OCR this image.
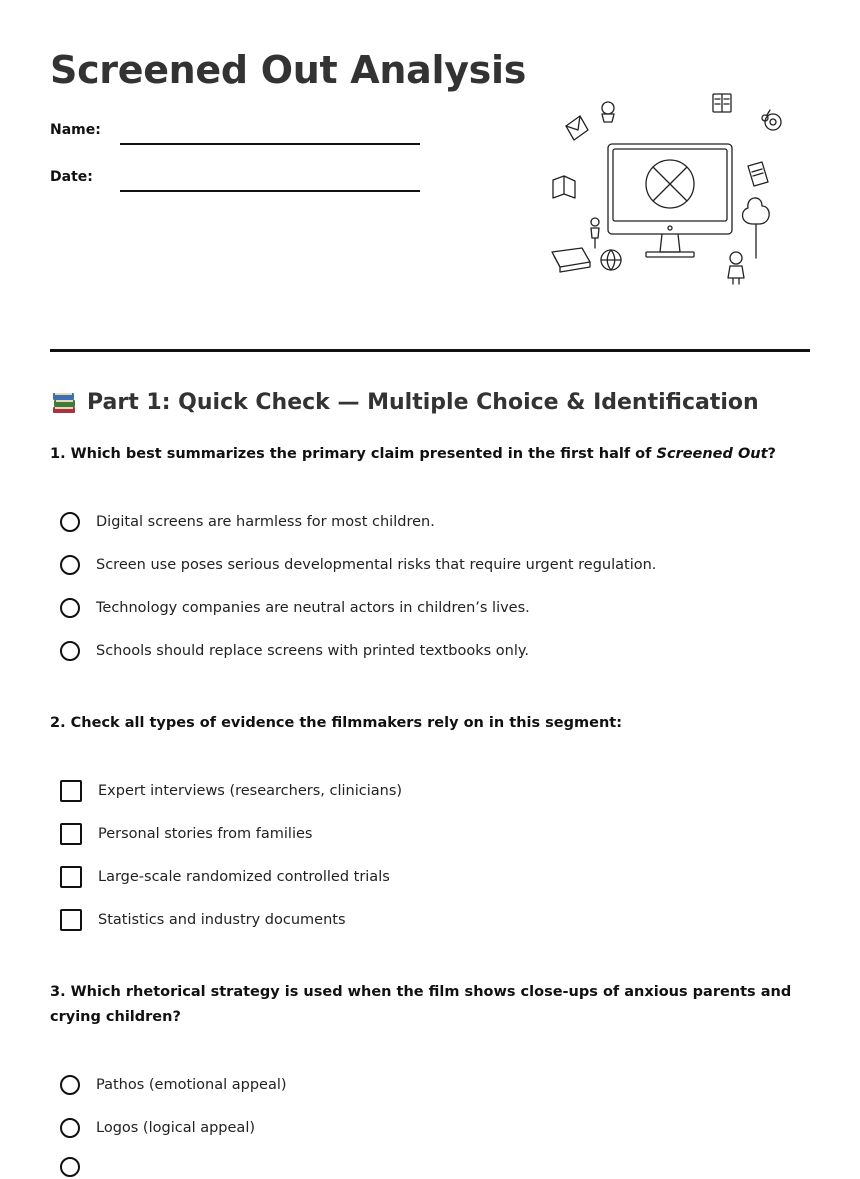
Screened Out Analysis
Name:
Date:
Part 1: Quick Check — Multiple Choice & Identification

1. Which best summarizes the primary claim presented in the first half of Screened Out?

Digital screens are harmless for most children.
Screen use poses serious developmental risks that require urgent regulation.
Technology companies are neutral actors in children’s lives.
Schools should replace screens with printed textbooks only.

2. Check all types of evidence the filmmakers rely on in this segment:

Expert interviews (researchers, clinicians)
Personal stories from families
Large-scale randomized controlled trials
Statistics and industry documents

3. Which rhetorical strategy is used when the film shows close-ups of anxious parents and crying children?

Pathos (emotional appeal)
Logos (logical appeal)
